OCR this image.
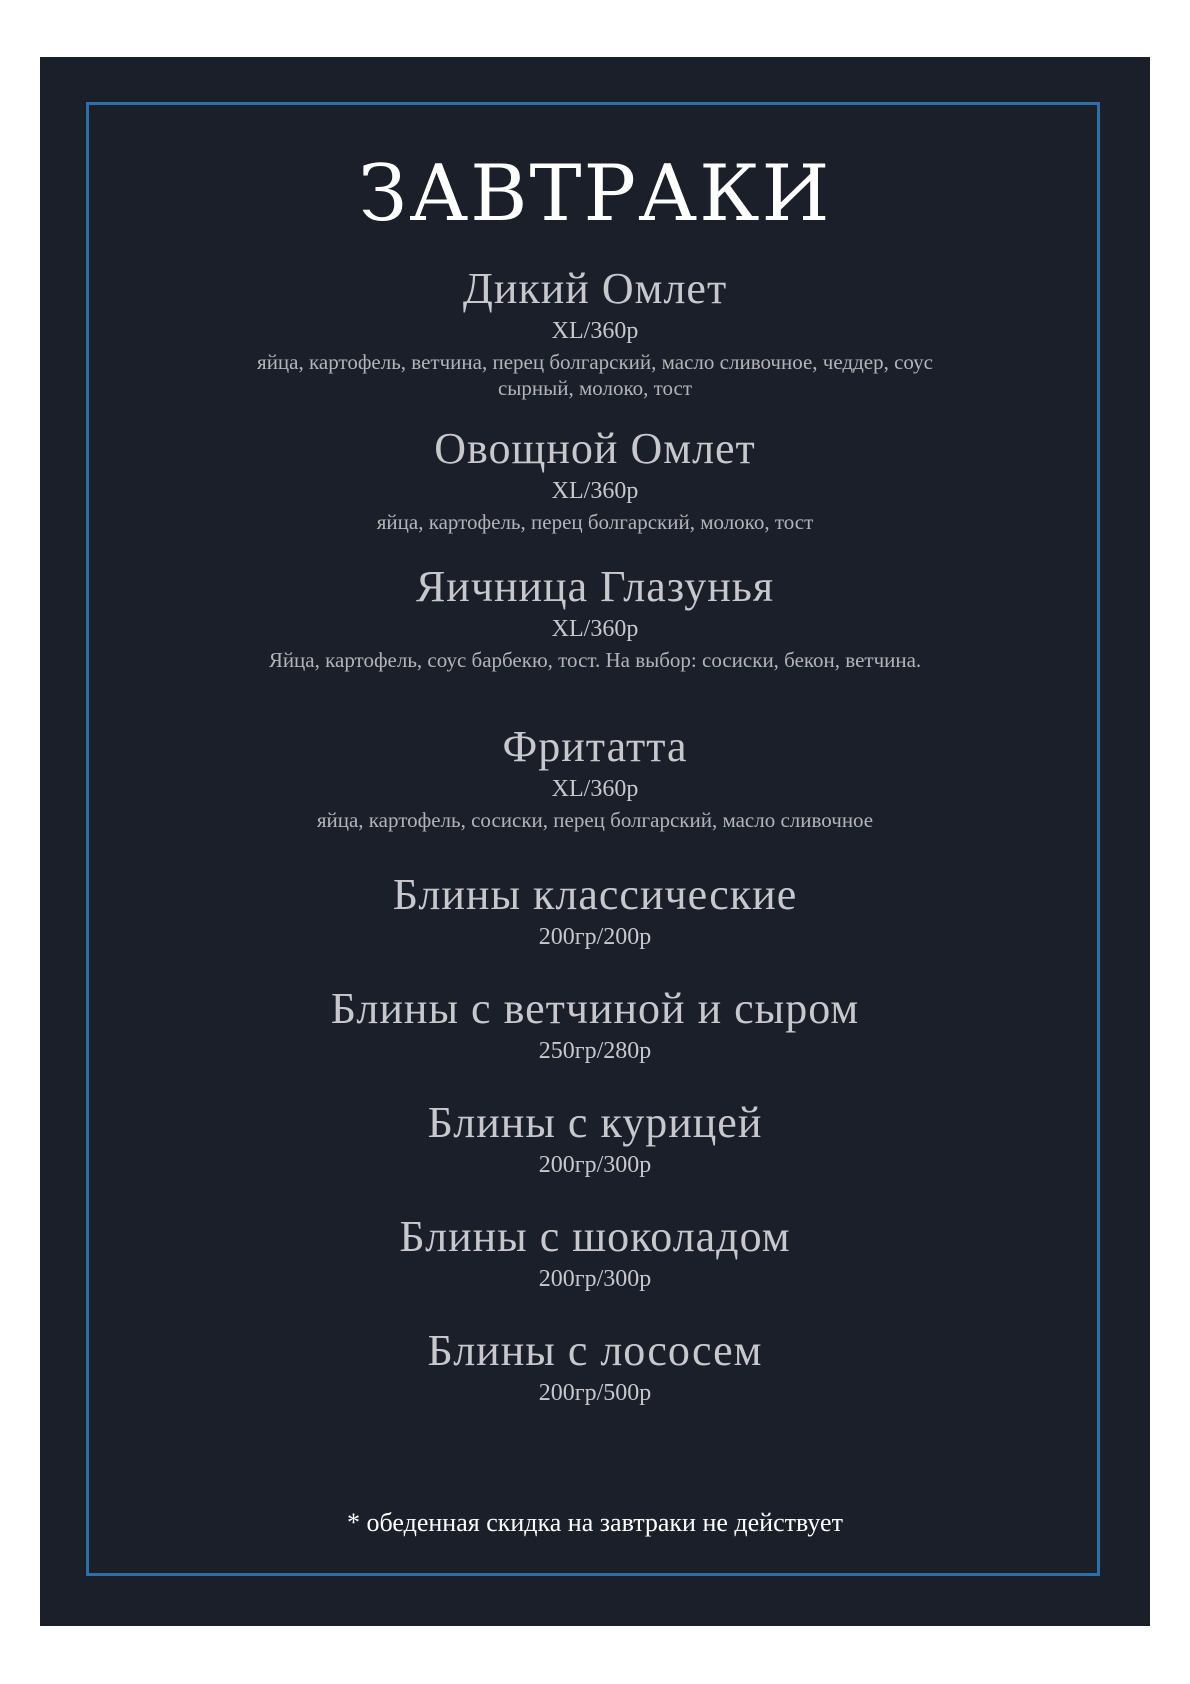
ЗАВТРАКИ
Дикий Омлет
XL/360р
яйца, картофель, ветчина, перец болгарский, масло сливочное, чеддер, соус сырный, молоко, тост
Овощной Омлет
XL/360р
яйца, картофель, перец болгарский, молоко, тост
Яичница Глазунья
XL/360р
Яйца, картофель, соус барбекю, тост. На выбор: сосиски, бекон, ветчина.
Фритатта
XL/360р
яйца, картофель, сосиски, перец болгарский, масло сливочное
Блины классические
200гр/200р
Блины с ветчиной и сыром
250гр/280р
Блины с курицей
200гр/300р
Блины с шоколадом
200гр/300р
Блины с лососем
200гр/500р
* обеденная скидка на завтраки не действует
